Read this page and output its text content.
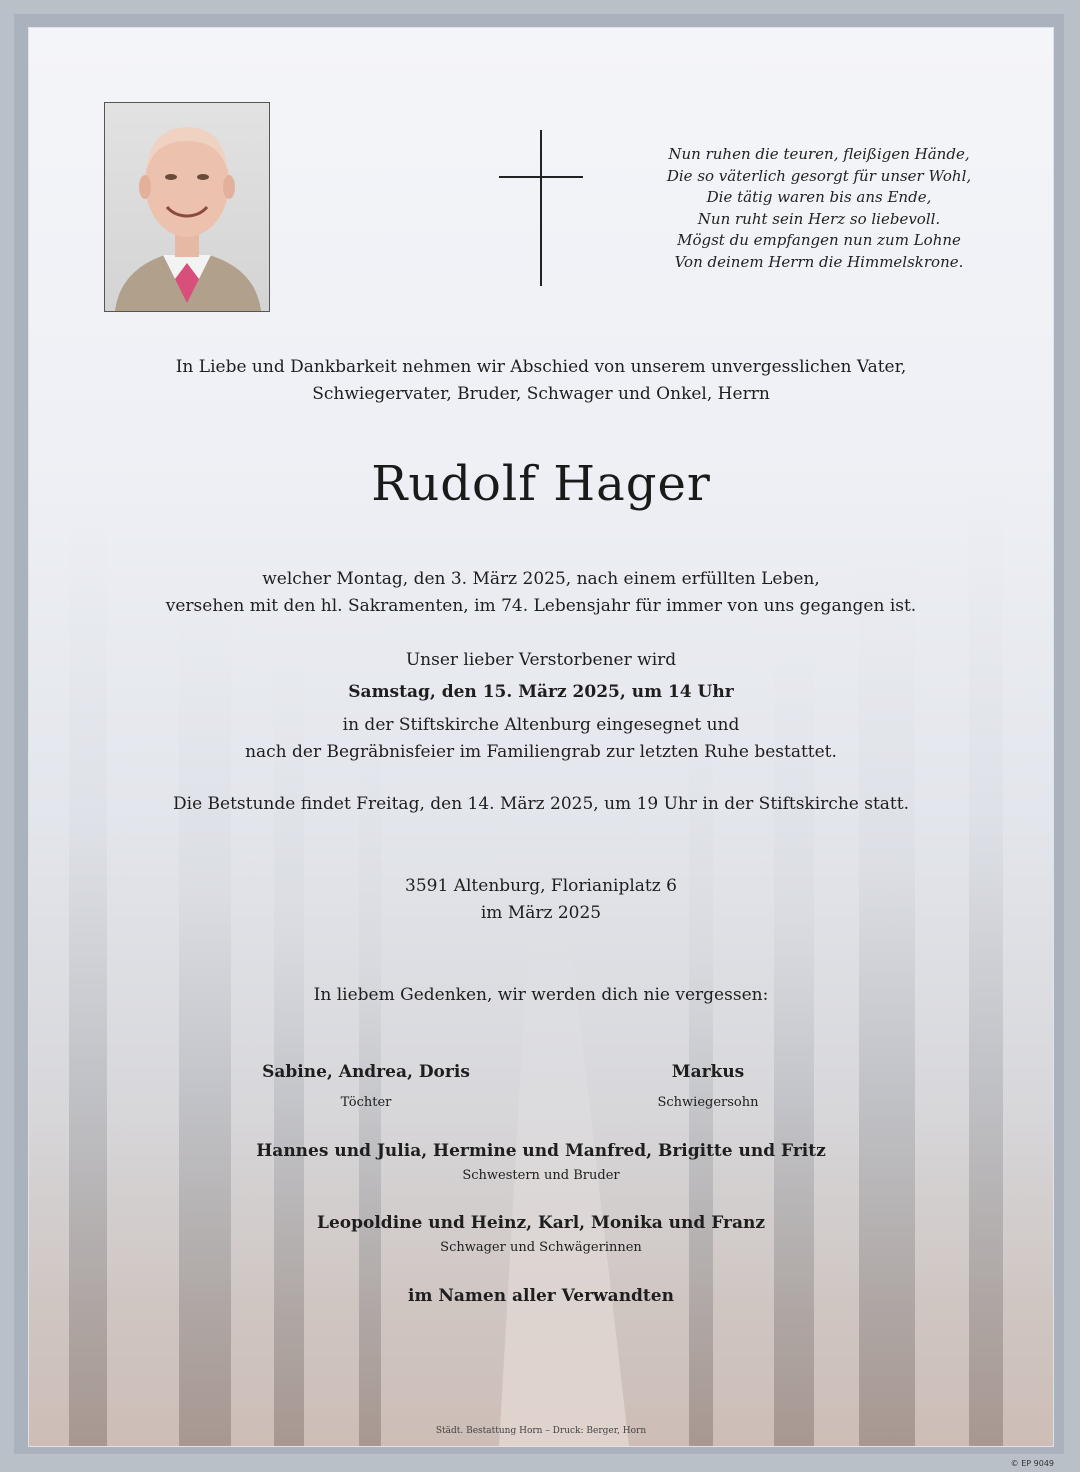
Nun ruhen die teuren, fleißigen Hände,
Die so väterlich gesorgt für unser Wohl,
Die tätig waren bis ans Ende,
Nun ruht sein Herz so liebevoll.
Mögst du empfangen nun zum Lohne
Von deinem Herrn die Himmelskrone.
In Liebe und Dankbarkeit nehmen wir Abschied von unserem unvergesslichen Vater,
Schwiegervater, Bruder, Schwager und Onkel, Herrn
Rudolf Hager
welcher Montag, den 3. März 2025, nach einem erfüllten Leben,
versehen mit den hl. Sakramenten, im 74. Lebensjahr für immer von uns gegangen ist.
Unser lieber Verstorbener wird
Samstag, den 15. März 2025, um 14 Uhr
in der Stiftskirche Altenburg eingesegnet und
nach der Begräbnisfeier im Familiengrab zur letzten Ruhe bestattet.
Die Betstunde findet Freitag, den 14. März 2025, um 19 Uhr in der Stiftskirche statt.
3591 Altenburg, Florianiplatz 6
im März 2025
In liebem Gedenken, wir werden dich nie vergessen:
Sabine, Andrea, Doris
Töchter
Markus
Schwiegersohn
Hannes und Julia, Hermine und Manfred, Brigitte und Fritz
Schwestern und Bruder
Leopoldine und Heinz, Karl, Monika und Franz
Schwager und Schwägerinnen
im Namen aller Verwandten
Städt. Bestattung Horn – Druck: Berger, Horn
© EP 9049
